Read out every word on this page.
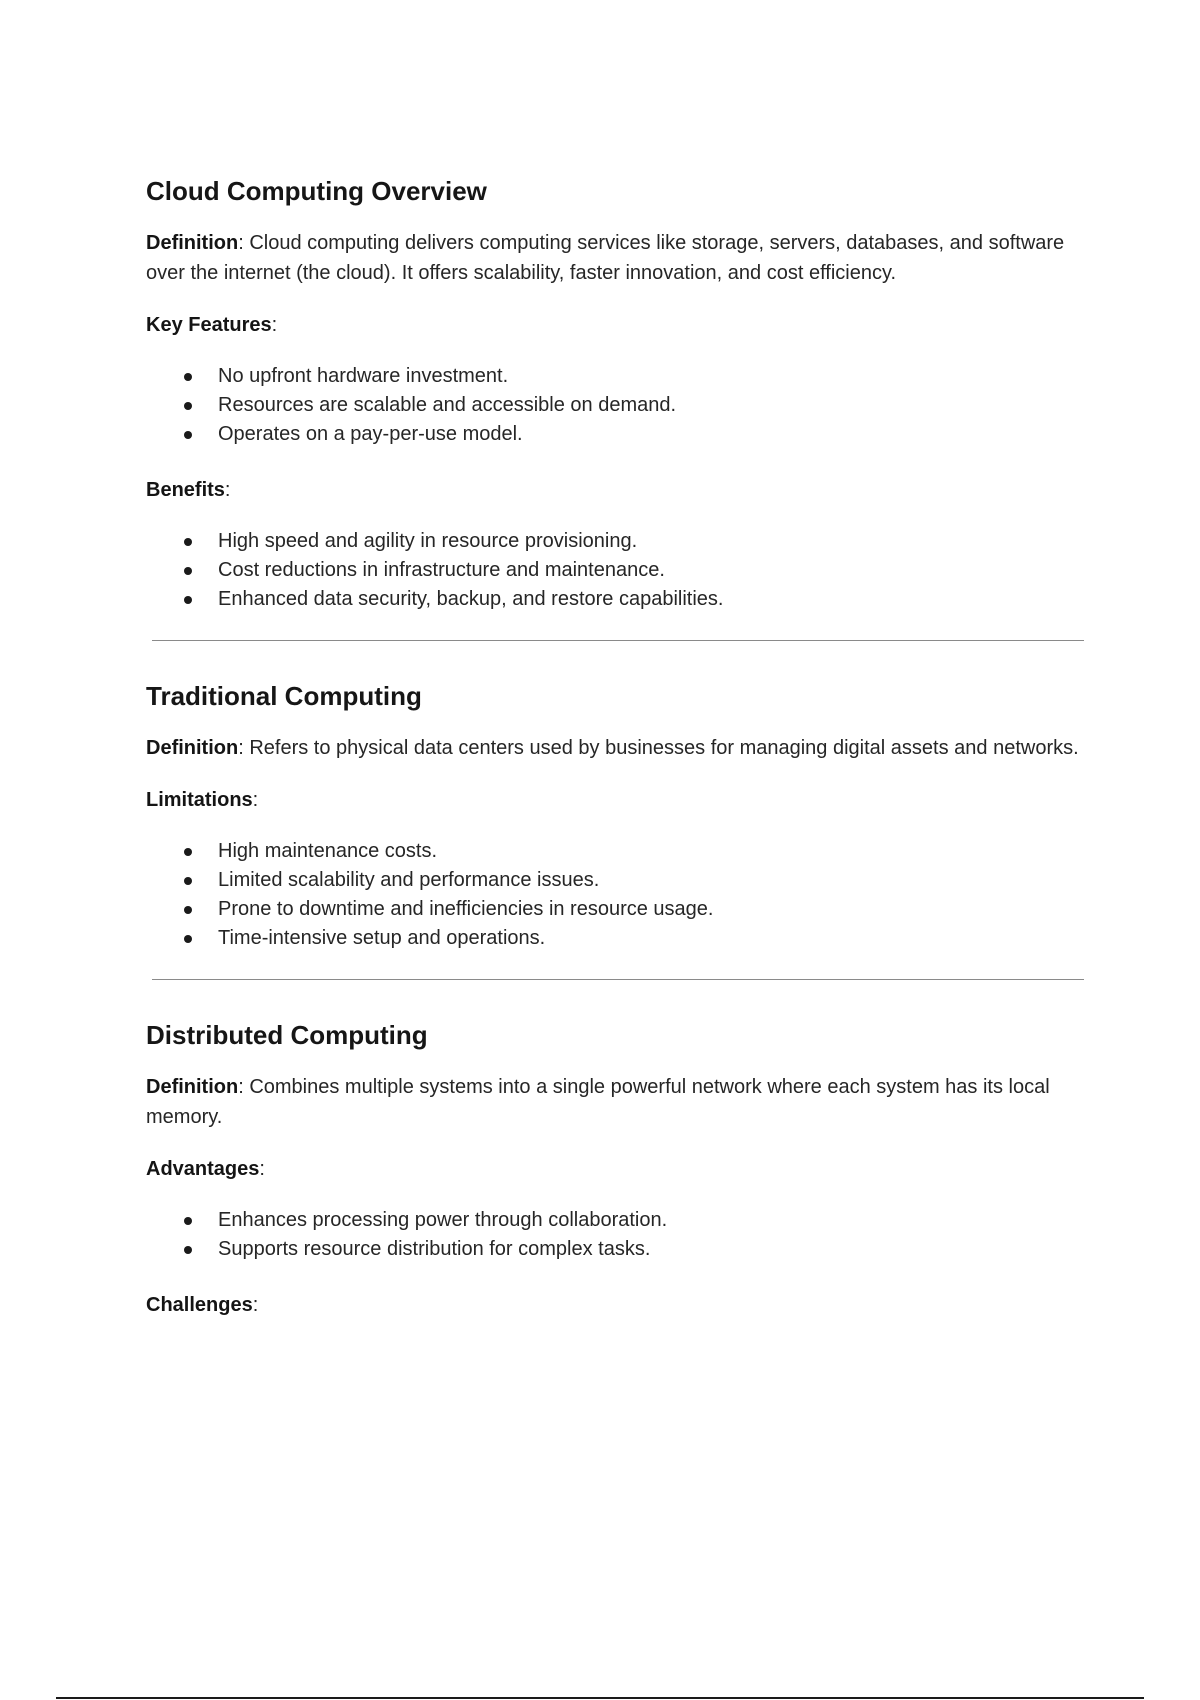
Cloud Computing Overview

Definition: Cloud computing delivers computing services like storage, servers, databases, and software over the internet (the cloud). It offers scalability, faster innovation, and cost efficiency.

Key Features:

No upfront hardware investment.
Resources are scalable and accessible on demand.
Operates on a pay-per-use model.

Benefits:

High speed and agility in resource provisioning.
Cost reductions in infrastructure and maintenance.
Enhanced data security, backup, and restore capabilities.
Traditional Computing

Definition: Refers to physical data centers used by businesses for managing digital assets and networks.

Limitations:

High maintenance costs.
Limited scalability and performance issues.
Prone to downtime and inefficiencies in resource usage.
Time-intensive setup and operations.
Distributed Computing

Definition: Combines multiple systems into a single powerful network where each system has its local memory.

Advantages:

Enhances processing power through collaboration.
Supports resource distribution for complex tasks.

Challenges:
